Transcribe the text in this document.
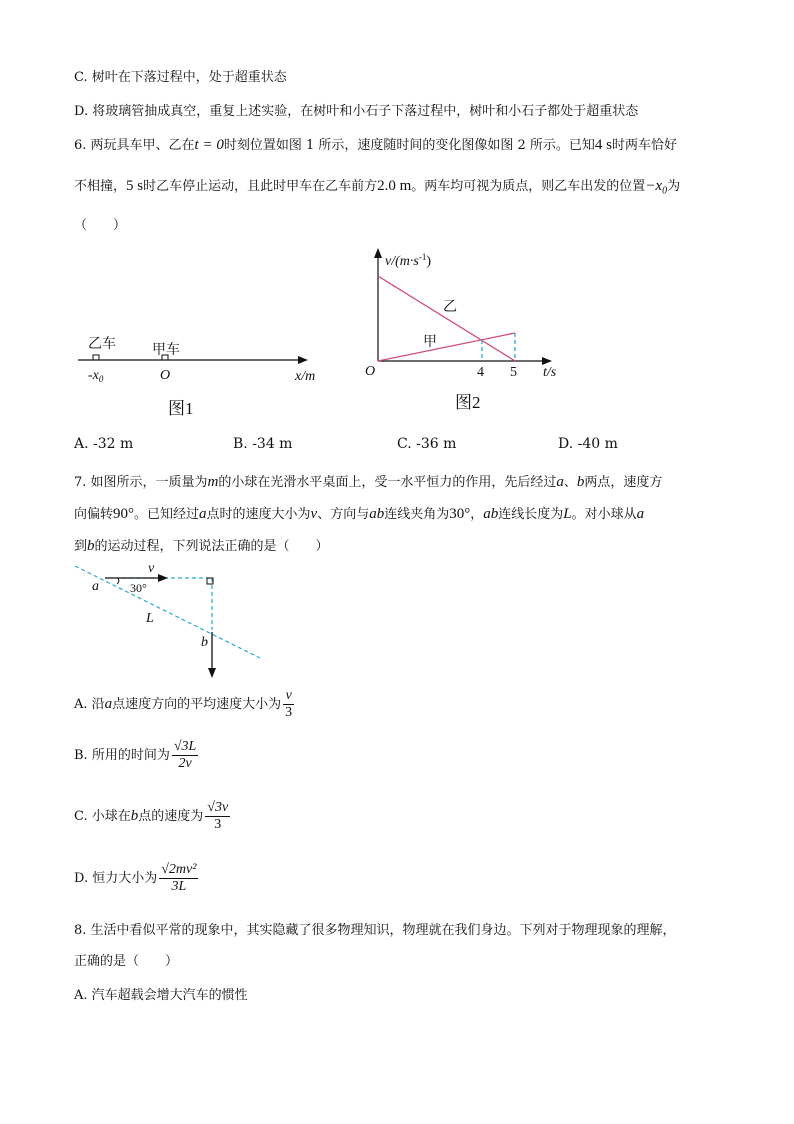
C. 树叶在下落过程中，处于超重状态
D. 将玻璃管抽成真空，重复上述实验，在树叶和小石子下落过程中，树叶和小石子都处于超重状态
6. 两玩具车甲、乙在t = 0时刻位置如图 1 所示，速度随时间的变化图像如图 2 所示。已知4 s时两车恰好
不相撞，5 s时乙车停止运动，且此时甲车在乙车前方2.0 m。两车均可视为质点，则乙车出发的位置$-x_0$为
（　　）
乙车	甲车
$-x_0$	O	x/m
图1
$v/(m\cdot s^{-1})$
乙
甲
O	4 5 t/s
图2
A. -32 m	B. -34 m	C. -36 m	D. -40 m
7. 如图所示，一质量为m的小球在光滑水平桌面上，受一水平恒力的作用，先后经过a、b两点，速度方
向偏转90°。已知经过a点时的速度大小为v、方向与ab连线夹角为30°，ab连线长度为L。对小球从a
到b的运动过程，下列说法正确的是（　　）
v
a	30°
L
b
A. 沿a点速度方向的平均速度大小为 $\frac{v}{3}$
B. 所用的时间为 $\frac{√3L}{2v}$
C. 小球在b点的速度为 $\frac{√3v}{3}$
D. 恒力大小为 $\frac{\text{√2mv²}}{3L}$
8. 生活中看似平常的现象中，其实隐藏了很多物理知识，物理就在我们身边。下列对于物理现象的理解，
正确的是（　　）
A. 汽车超载会增大汽车的惯性
